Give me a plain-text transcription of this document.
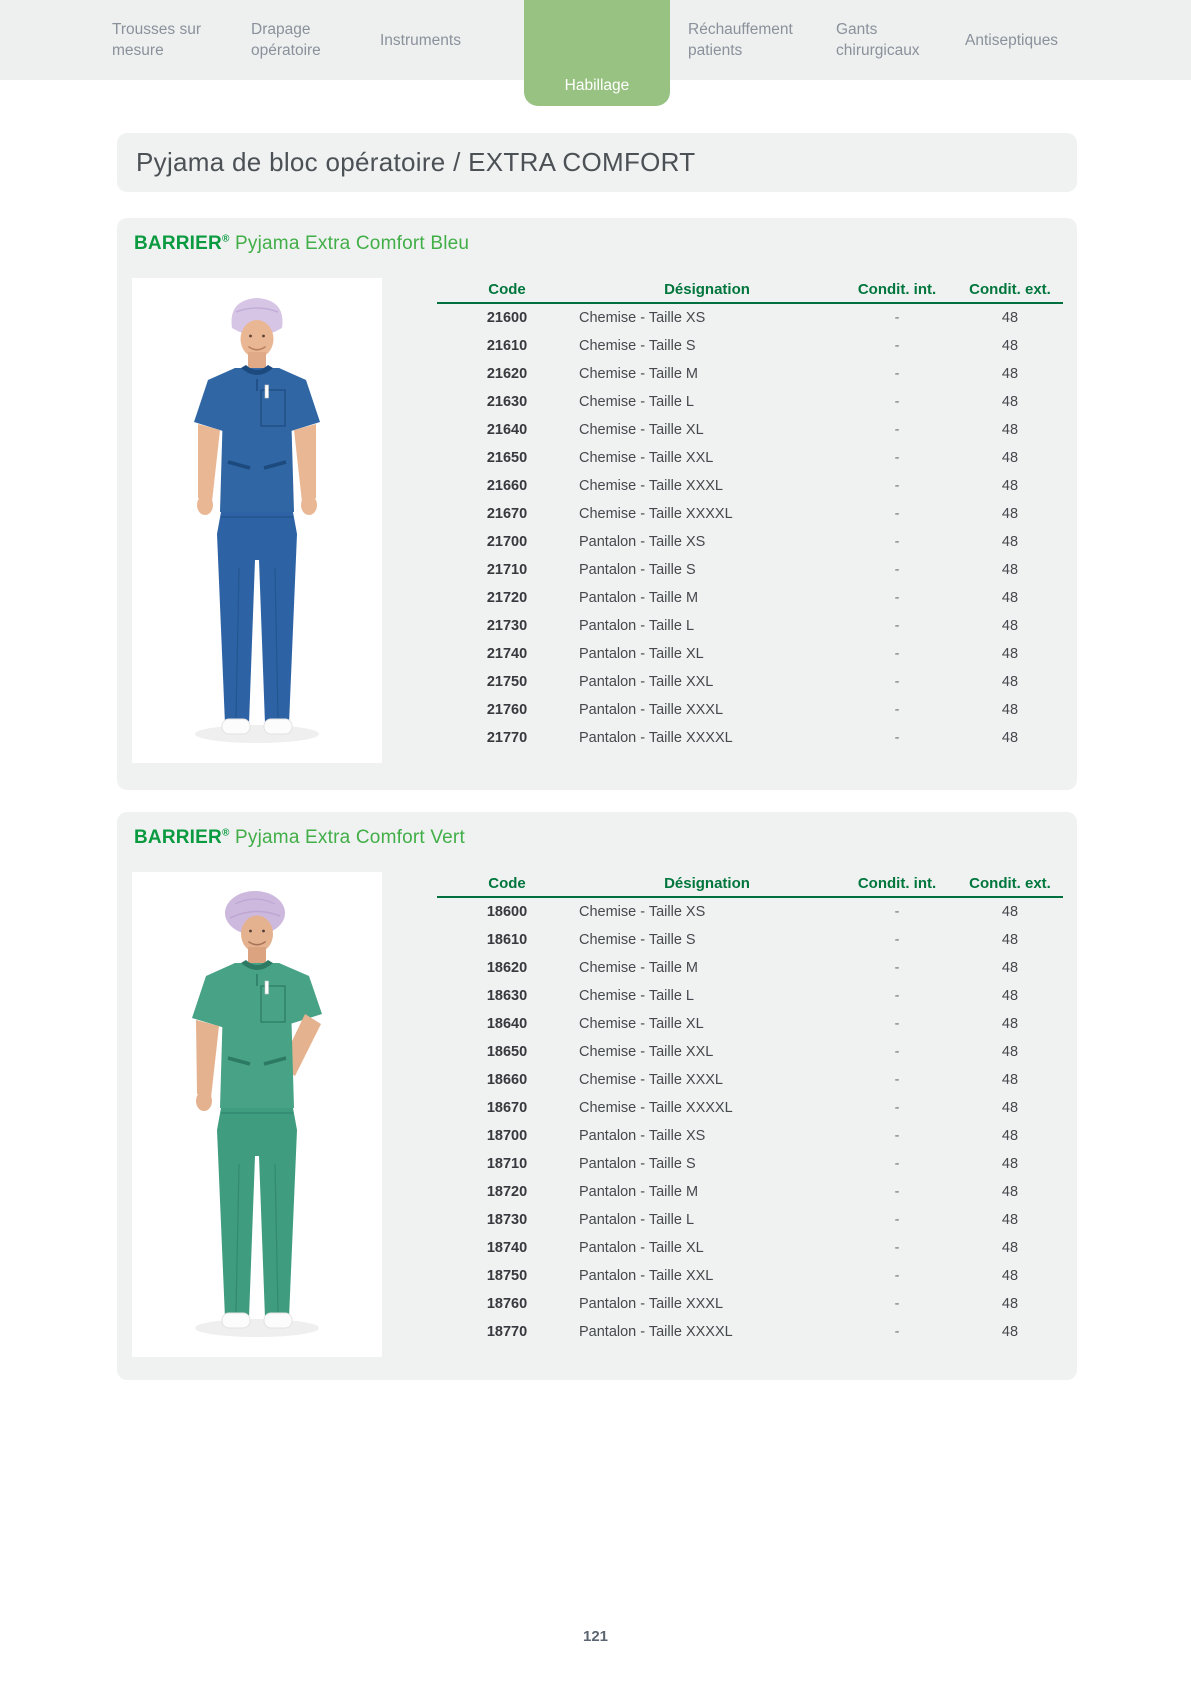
Trousses sur mesure
Drapage opératoire
Instruments
Réchauffement patients
Gants chirurgicaux
Antiseptiques
Habillage
Pyjama de bloc opératoire / EXTRA COMFORT
BARRIER® Pyjama Extra Comfort Bleu
Code	Désignation	Condit. int.	Condit. ext.
21600	Chemise - Taille XS	-	48
21610	Chemise - Taille S	-	48
21620	Chemise - Taille M	-	48
21630	Chemise - Taille L	-	48
21640	Chemise - Taille XL	-	48
21650	Chemise - Taille XXL	-	48
21660	Chemise - Taille XXXL	-	48
21670	Chemise - Taille XXXXL	-	48
21700	Pantalon - Taille XS	-	48
21710	Pantalon - Taille S	-	48
21720	Pantalon - Taille M	-	48
21730	Pantalon - Taille L	-	48
21740	Pantalon - Taille XL	-	48
21750	Pantalon - Taille XXL	-	48
21760	Pantalon - Taille XXXL	-	48
21770	Pantalon - Taille XXXXL	-	48
BARRIER® Pyjama Extra Comfort Vert
Code	Désignation	Condit. int.	Condit. ext.
18600	Chemise - Taille XS	-	48
18610	Chemise - Taille S	-	48
18620	Chemise - Taille M	-	48
18630	Chemise - Taille L	-	48
18640	Chemise - Taille XL	-	48
18650	Chemise - Taille XXL	-	48
18660	Chemise - Taille XXXL	-	48
18670	Chemise - Taille XXXXL	-	48
18700	Pantalon - Taille XS	-	48
18710	Pantalon - Taille S	-	48
18720	Pantalon - Taille M	-	48
18730	Pantalon - Taille L	-	48
18740	Pantalon - Taille XL	-	48
18750	Pantalon - Taille XXL	-	48
18760	Pantalon - Taille XXXL	-	48
18770	Pantalon - Taille XXXXL	-	48
121
